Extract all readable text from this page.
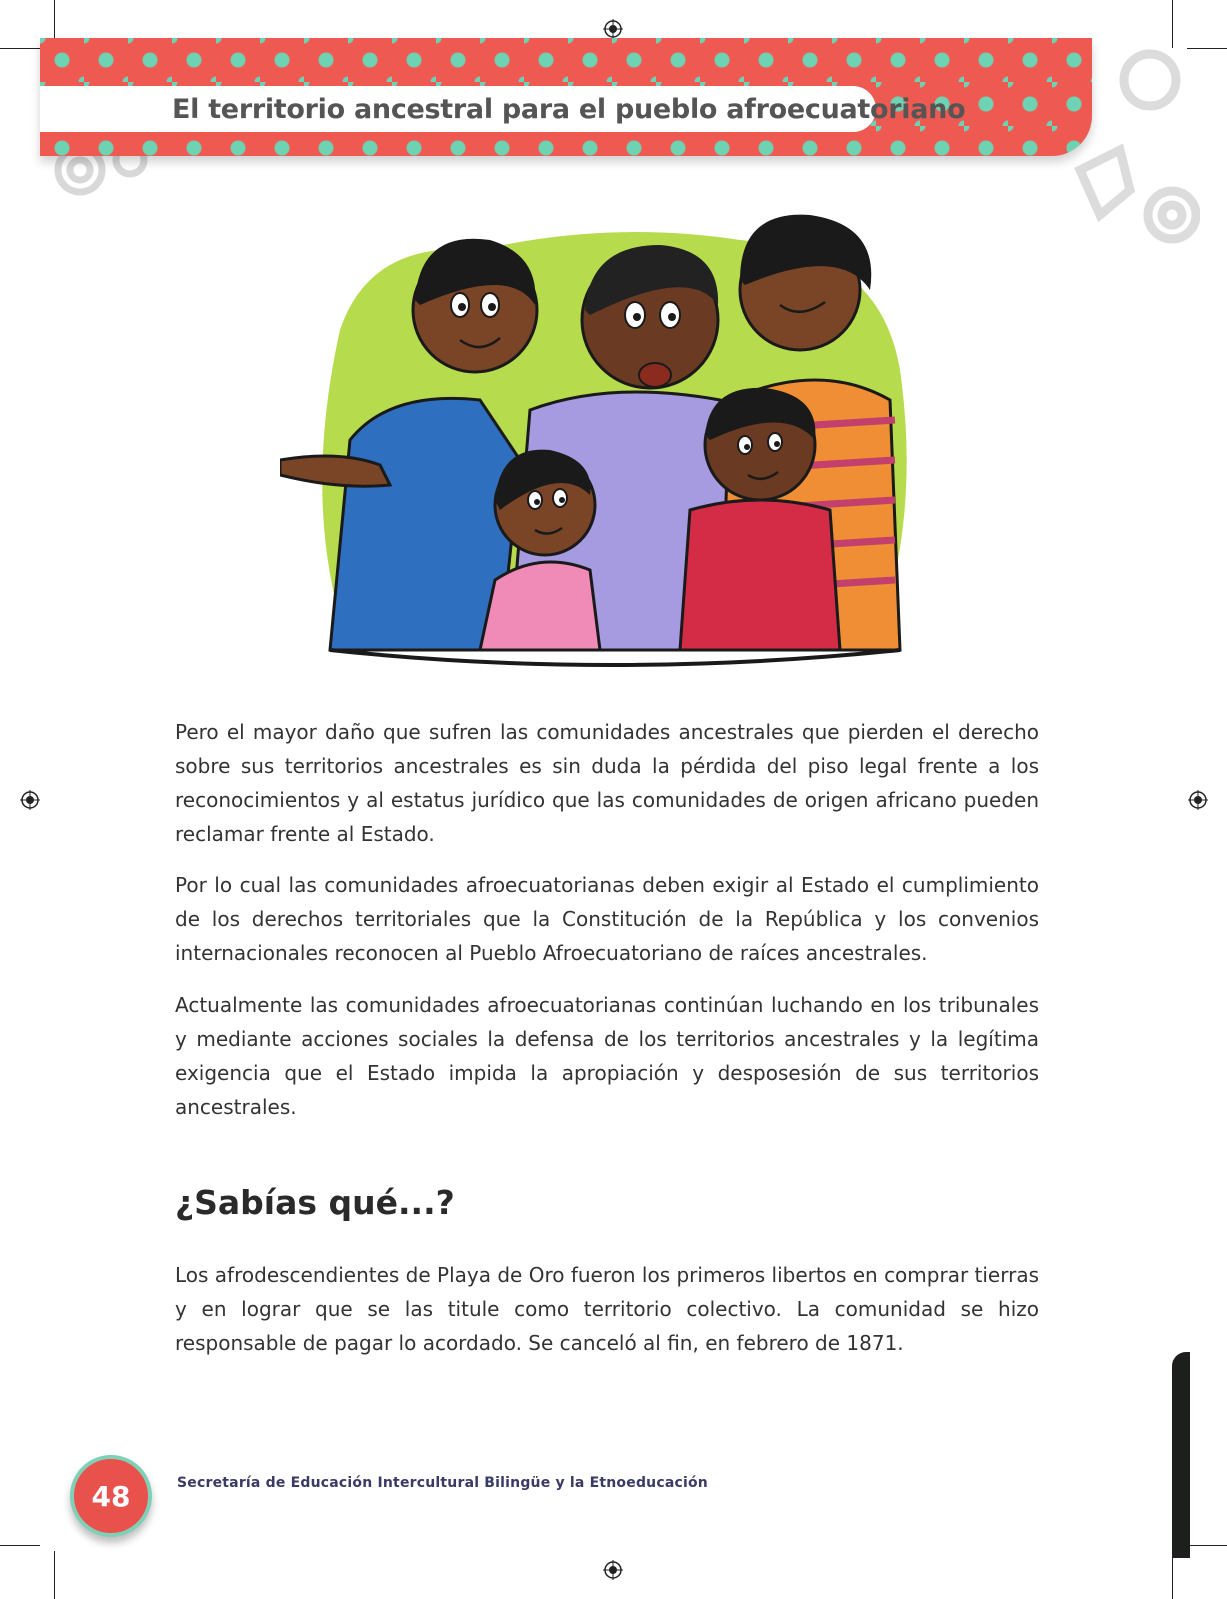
El territorio ancestral para el pueblo afroecuatoriano

Pero el mayor daño que sufren las comunidades ancestrales que pierden el derecho sobre sus territorios ancestrales es sin duda la pérdida del piso legal frente a los reconocimientos y al estatus jurídico que las comunidades de origen africano pueden reclamar frente al Estado.

Por lo cual las comunidades afroecuatorianas deben exigir al Estado el cumplimiento de los derechos territoriales que la Constitución de la República y los convenios internacionales reconocen al Pueblo Afroecuatoriano de raíces ancestrales.

Actualmente las comunidades afroecuatorianas continúan luchando en los tribunales y mediante acciones sociales la defensa de los territorios ancestrales y la legítima exigencia que el Estado impida la apropiación y desposesión de sus territorios ancestrales.

¿Sabías qué...?

Los afrodescendientes de Playa de Oro fueron los primeros libertos en comprar tierras y en lograr que se las titule como territorio colectivo. La comunidad se hizo responsable de pagar lo acordado. Se canceló al fin, en febrero de 1871.

48	Secretaría de Educación Intercultural Bilingüe y la Etnoeducación
